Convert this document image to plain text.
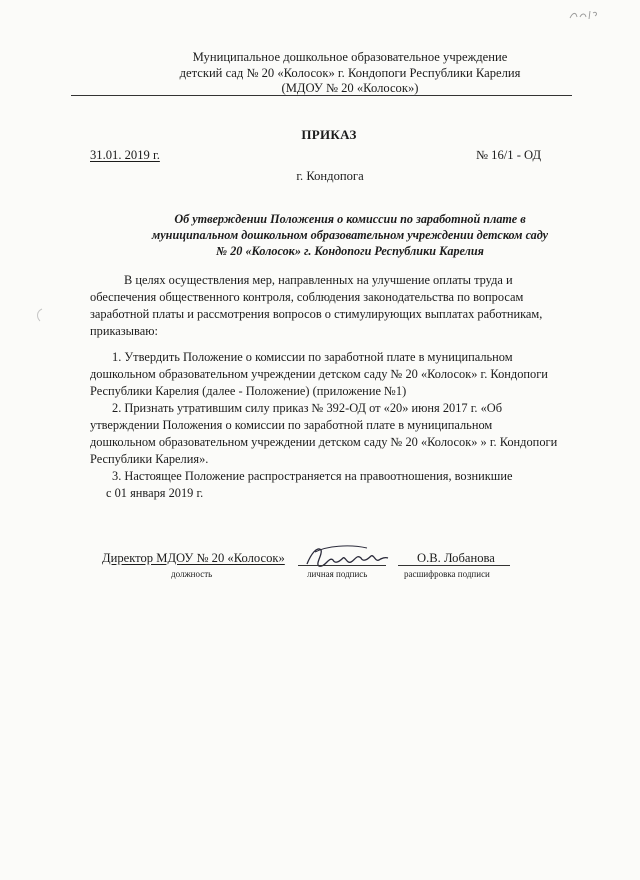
Муниципальное дошкольное образовательное учреждение
детский сад № 20 «Колосок» г. Кондопоги Республики Карелия
(МДОУ № 20 «Колосок»)
ПРИКАЗ
31.01. 2019 г.	№ 16/1 - ОД
г. Кондопога
Об утверждении Положения о комиссии по заработной плате в
муниципальном дошкольном образовательном учреждении детском саду
№ 20 «Колосок» г. Кондопоги Республики Карелия
В целях осуществления мер, направленных на улучшение оплаты труда и
обеспечения общественного контроля, соблюдения законодательства по вопросам
заработной платы и рассмотрения вопросов о стимулирующих выплатах работникам,
приказываю:
1. Утвердить Положение о комиссии по заработной плате в муниципальном
дошкольном образовательном учреждении детском саду № 20 «Колосок» г. Кондопоги
Республики Карелия (далее - Положение) (приложение №1)
2. Признать утратившим силу приказ № 392-ОД от «20» июня 2017 г. «Об
утверждении Положения о комиссии по заработной плате в муниципальном
дошкольном образовательном учреждении детском саду № 20 «Колосок» » г. Кондопоги
Республики Карелия».
3. Настоящее Положение распространяется на правоотношения, возникшие
с 01 января 2019 г.
Директор МДОУ № 20 «Колосок»
должность	личная подпись
О.В. Лобанова
расшифровка подписи
